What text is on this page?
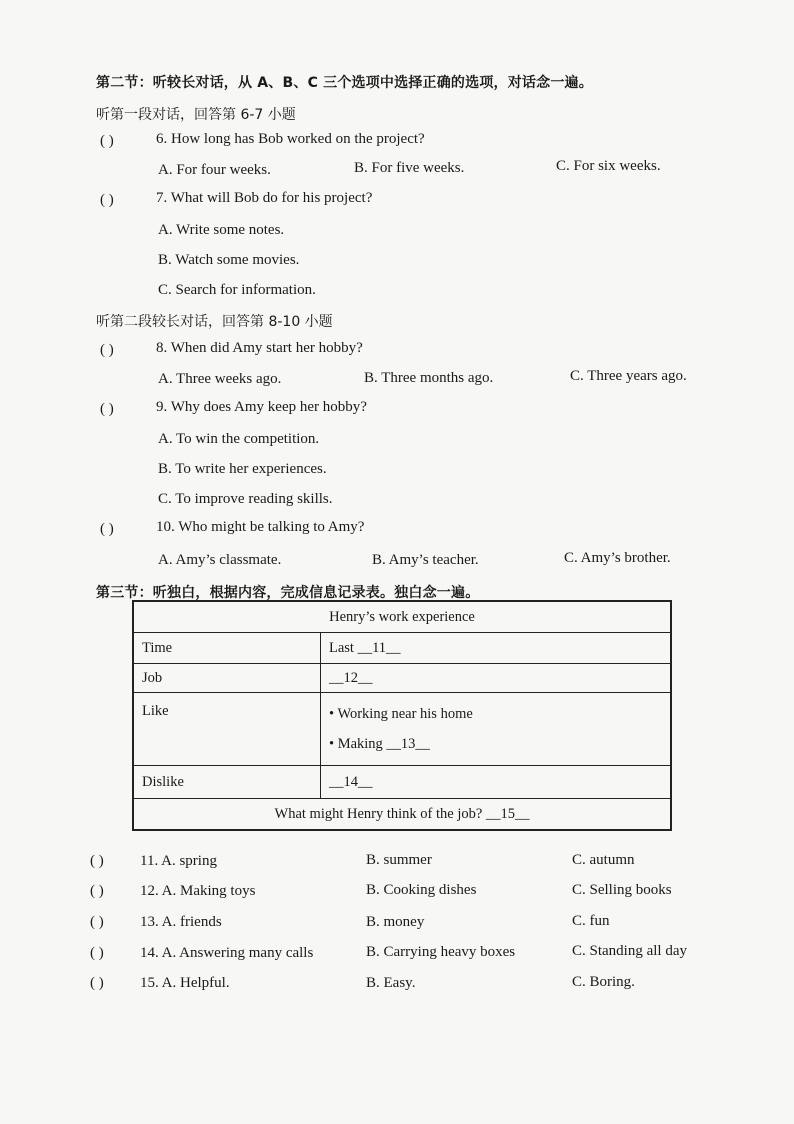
第二节：听较长对话，从 A、B、C 三个选项中选择正确的选项，对话念一遍。
听第一段对话，回答第 6-7 小题
( )	6. How long has Bob worked on the project?
A. For four weeks.	B. For five weeks.	C. For six weeks.
( )	7. What will Bob do for his project?
A. Write some notes.
B. Watch some movies.
C. Search for information.
听第二段较长对话，回答第 8-10 小题
( )	8. When did Amy start her hobby?
A. Three weeks ago.	B. Three months ago.	C. Three years ago.
( )	9. Why does Amy keep her hobby?
A. To win the competition.
B. To write her experiences.
C. To improve reading skills.
( )	10. Who might be talking to Amy?
A. Amy’s classmate.	B. Amy’s teacher.	C. Amy’s brother.
第三节：听独白，根据内容，完成信息记录表。独白念一遍。
Henry’s work experience	
Time	Last __11__
Job	__12__
Like	• Working near his home
• Making __13__

Dislike	__14__
What might Henry think of the job? __15__	
( ) 11. A. spring	B. summer	C. autumn
( ) 12. A. Making toys	B. Cooking dishes	C. Selling books
( ) 13. A. friends	B. money	C. fun
( ) 14. A. Answering many calls	B. Carrying heavy boxes	C. Standing all day
( ) 15. A. Helpful.	B. Easy.	C. Boring.
